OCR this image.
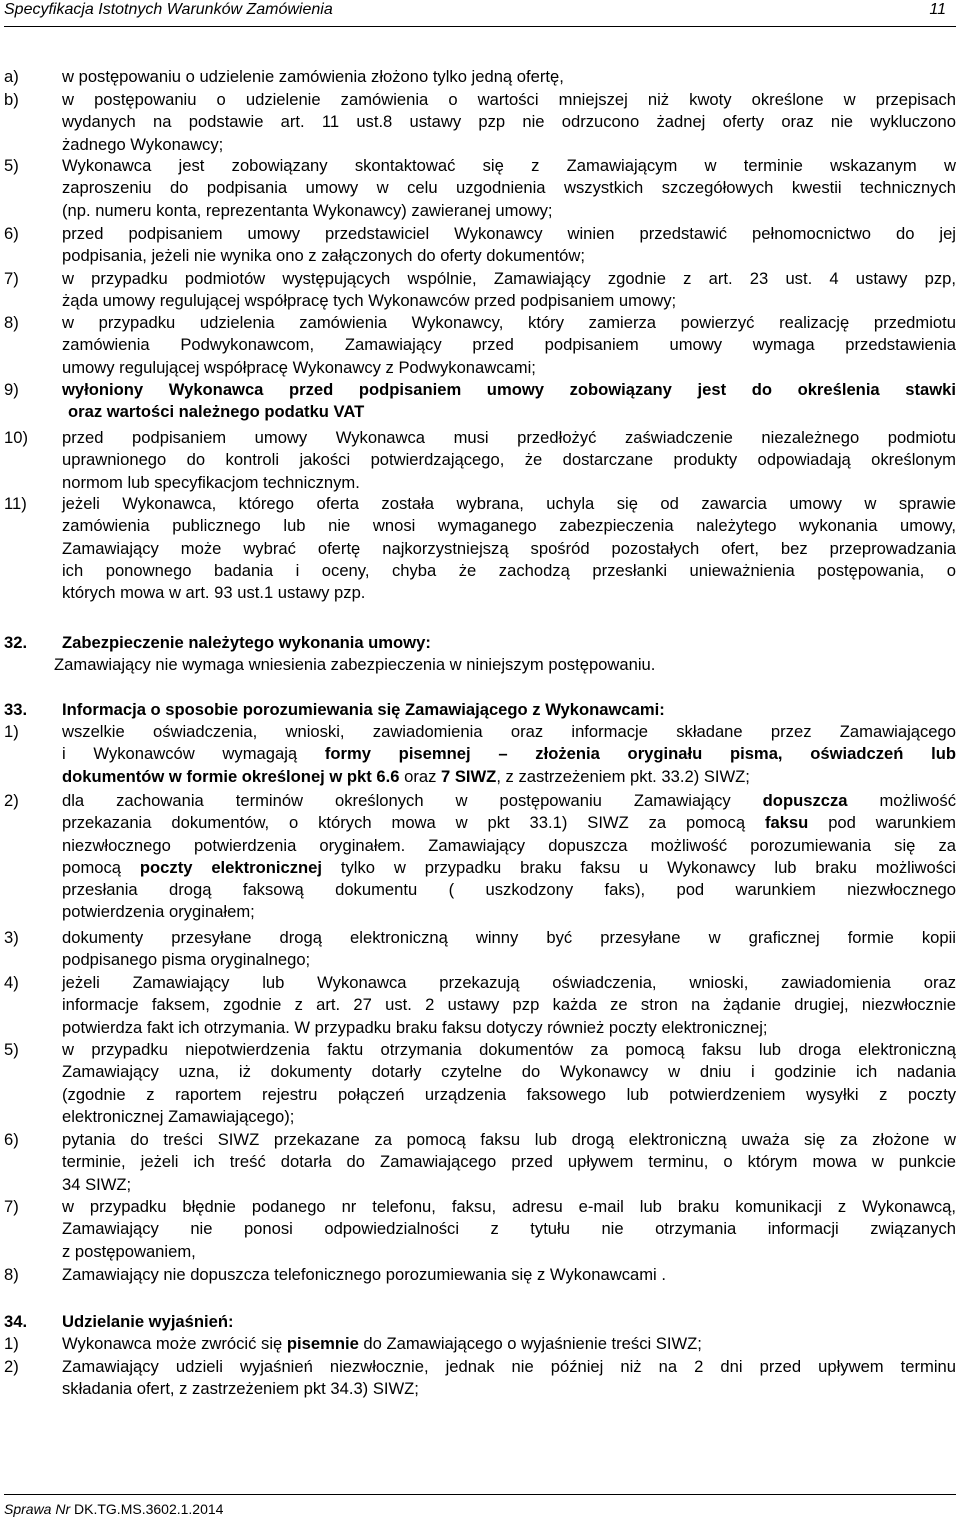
Specyfikacja Istotnych Warunków Zamówienia	11
a)	w postępowaniu o udzielenie zamówienia złożono tylko jedną ofertę,
b)	w postępowaniu o udzielenie zamówienia o wartości mniejszej niż kwoty określone w przepisach
wydanych na podstawie art. 11 ust.8 ustawy pzp nie odrzucono żadnej oferty oraz nie wykluczono
żadnego Wykonawcy;
5)	Wykonawca jest zobowiązany skontaktować się z Zamawiającym w terminie wskazanym w
zaproszeniu do podpisania umowy w celu uzgodnienia wszystkich szczegółowych kwestii technicznych
(np. numeru konta, reprezentanta Wykonawcy) zawieranej umowy;
6)	przed podpisaniem umowy przedstawiciel Wykonawcy winien przedstawić pełnomocnictwo do jej
podpisania, jeżeli nie wynika ono z załączonych do oferty dokumentów;
7)	w przypadku podmiotów występujących wspólnie, Zamawiający zgodnie z art. 23 ust. 4 ustawy pzp,
żąda umowy regulującej współpracę tych Wykonawców przed podpisaniem umowy;
8)	w przypadku udzielenia zamówienia Wykonawcy, który zamierza powierzyć realizację przedmiotu
zamówienia Podwykonawcom, Zamawiający przed podpisaniem umowy wymaga przedstawienia
umowy regulującej współpracę Wykonawcy z Podwykonawcami;
9)	wyłoniony Wykonawca przed podpisaniem umowy zobowiązany jest do określenia stawki
oraz wartości należnego podatku VAT
10) przed podpisaniem umowy Wykonawca musi przedłożyć zaświadczenie niezależnego podmiotu
uprawnionego do kontroli jakości potwierdzającego, że dostarczane produkty odpowiadają określonym
normom lub specyfikacjom technicznym.
11) jeżeli Wykonawca, którego oferta została wybrana, uchyla się od zawarcia umowy w sprawie
zamówienia publicznego lub nie wnosi wymaganego zabezpieczenia należytego wykonania umowy,
Zamawiający może wybrać ofertę najkorzystniejszą spośród pozostałych ofert, bez przeprowadzania
ich ponownego badania i oceny, chyba że zachodzą przesłanki unieważnienia postępowania, o
których mowa w art. 93 ust.1 ustawy pzp.
32. Zabezpieczenie należytego wykonania umowy:
Zamawiający nie wymaga wniesienia zabezpieczenia w niniejszym postępowaniu.
33. Informacja o sposobie porozumiewania się Zamawiającego z Wykonawcami:
1)	wszelkie oświadczenia, wnioski, zawiadomienia oraz informacje składane przez Zamawiającego
i Wykonawców wymagają formy pisemnej – złożenia oryginału pisma, oświadczeń lub
dokumentów w formie określonej w pkt 6.6 oraz 7 SIWZ, z zastrzeżeniem pkt. 33.2) SIWZ;
2)	dla zachowania terminów określonych w postępowaniu Zamawiający dopuszcza możliwość
przekazania dokumentów, o których mowa w pkt 33.1) SIWZ za pomocą faksu pod warunkiem
niezwłocznego potwierdzenia oryginałem. Zamawiający dopuszcza możliwość porozumiewania się za
pomocą poczty elektronicznej tylko w przypadku braku faksu u Wykonawcy lub braku możliwości
przesłania drogą faksową dokumentu ( uszkodzony faks), pod warunkiem niezwłocznego
potwierdzenia oryginałem;
3)	dokumenty przesyłane drogą elektroniczną winny być przesyłane w graficznej formie kopii
podpisanego pisma oryginalnego;
4)	jeżeli Zamawiający lub Wykonawca przekazują oświadczenia, wnioski, zawiadomienia oraz
informacje faksem, zgodnie z art. 27 ust. 2 ustawy pzp każda ze stron na żądanie drugiej, niezwłocznie
potwierdza fakt ich otrzymania. W przypadku braku faksu dotyczy również poczty elektronicznej;
5)	w przypadku niepotwierdzenia faktu otrzymania dokumentów za pomocą faksu lub droga elektroniczną
Zamawiający uzna, iż dokumenty dotarły czytelne do Wykonawcy w dniu i godzinie ich nadania
(zgodnie z raportem rejestru połączeń urządzenia faksowego lub potwierdzeniem wysyłki z poczty
elektronicznej Zamawiającego);
6)	pytania do treści SIWZ przekazane za pomocą faksu lub drogą elektroniczną uważa się za złożone w
terminie, jeżeli ich treść dotarła do Zamawiającego przed upływem terminu, o którym mowa w punkcie
34 SIWZ;
7)	w przypadku błędnie podanego nr telefonu, faksu, adresu e-mail lub braku komunikacji z Wykonawcą,
Zamawiający nie ponosi odpowiedzialności z tytułu nie otrzymania informacji związanych
z postępowaniem,
8)	Zamawiający nie dopuszcza telefonicznego porozumiewania się z Wykonawcami .
34. Udzielanie wyjaśnień:
1)	Wykonawca może zwrócić się pisemnie do Zamawiającego o wyjaśnienie treści SIWZ;
2)	Zamawiający udzieli wyjaśnień niezwłocznie, jednak nie później niż na 2 dni przed upływem terminu
składania ofert, z zastrzeżeniem pkt 34.3) SIWZ;
Sprawa Nr DK.TG.MS.3602.1.2014
